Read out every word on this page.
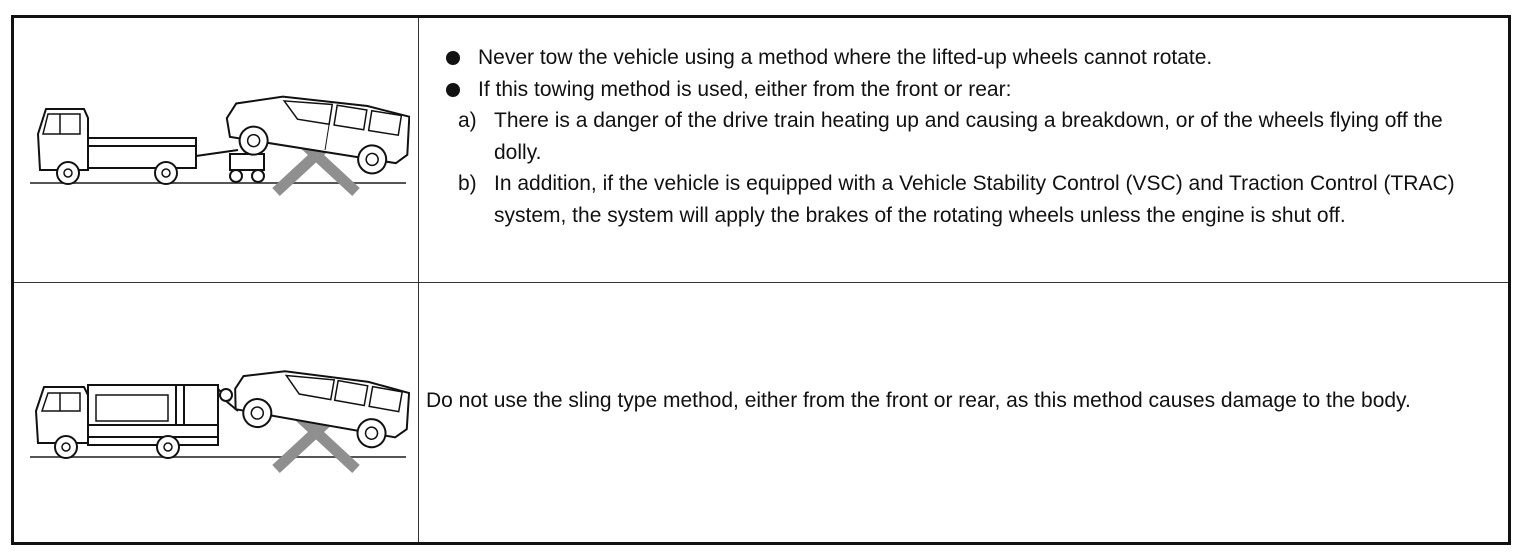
Never tow the vehicle using a method where the lifted-up wheels cannot rotate.
If this towing method is used, either from the front or rear:
a) There is a danger of the drive train heating up and causing a breakdown, or of the wheels flying off the dolly.
b) In addition, if the vehicle is equipped with a Vehicle Stability Control (VSC) and Traction Control (TRAC) system, the system will apply the brakes of the rotating wheels unless the engine is shut off.

Do not use the sling type method, either from the front or rear, as this method causes damage to the body.
